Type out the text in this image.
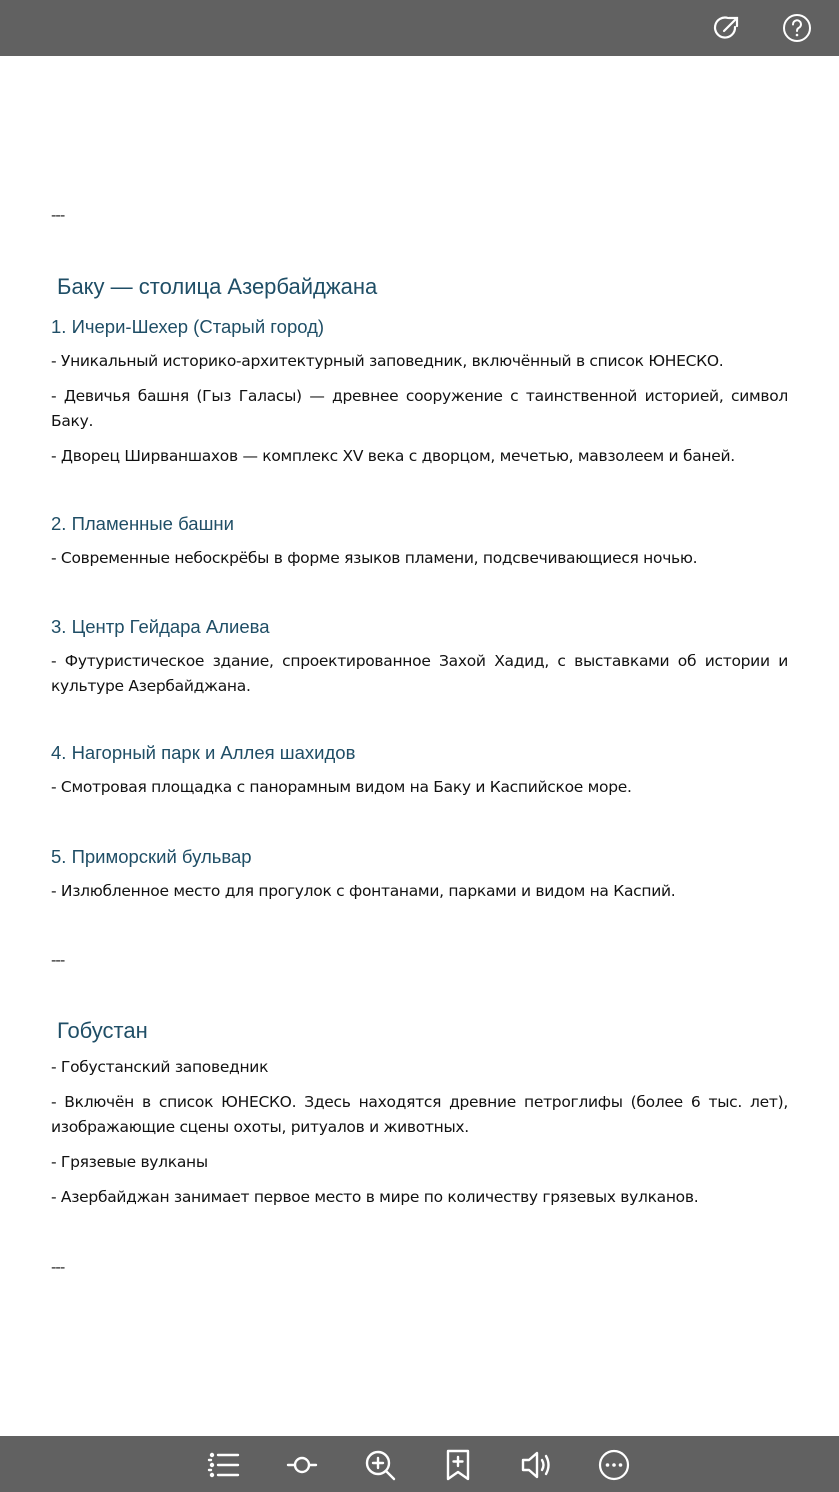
---
Баку — столица Азербайджана
1. Ичери-Шехер (Старый город)
- Уникальный историко-архитектурный заповедник, включённый в список ЮНЕСКО.
- Девичья башня (Гыз Галасы) — древнее сооружение с таинственной историей, символ Баку.
- Дворец Ширваншахов — комплекс XV века с дворцом, мечетью, мавзолеем и баней.
2. Пламенные башни
- Современные небоскрёбы в форме языков пламени, подсвечивающиеся ночью.
3. Центр Гейдара Алиева
- Футуристическое здание, спроектированное Захой Хадид, с выставками об истории и культуре Азербайджана.
4. Нагорный парк и Аллея шахидов
- Смотровая площадка с панорамным видом на Баку и Каспийское море.
5. Приморский бульвар
- Излюбленное место для прогулок с фонтанами, парками и видом на Каспий.
---
Гобустан
- Гобустанский заповедник
- Включён в список ЮНЕСКО. Здесь находятся древние петроглифы (более 6 тыс. лет), изображающие сцены охоты, ритуалов и животных.
- Грязевые вулканы
- Азербайджан занимает первое место в мире по количеству грязевых вулканов.
---
